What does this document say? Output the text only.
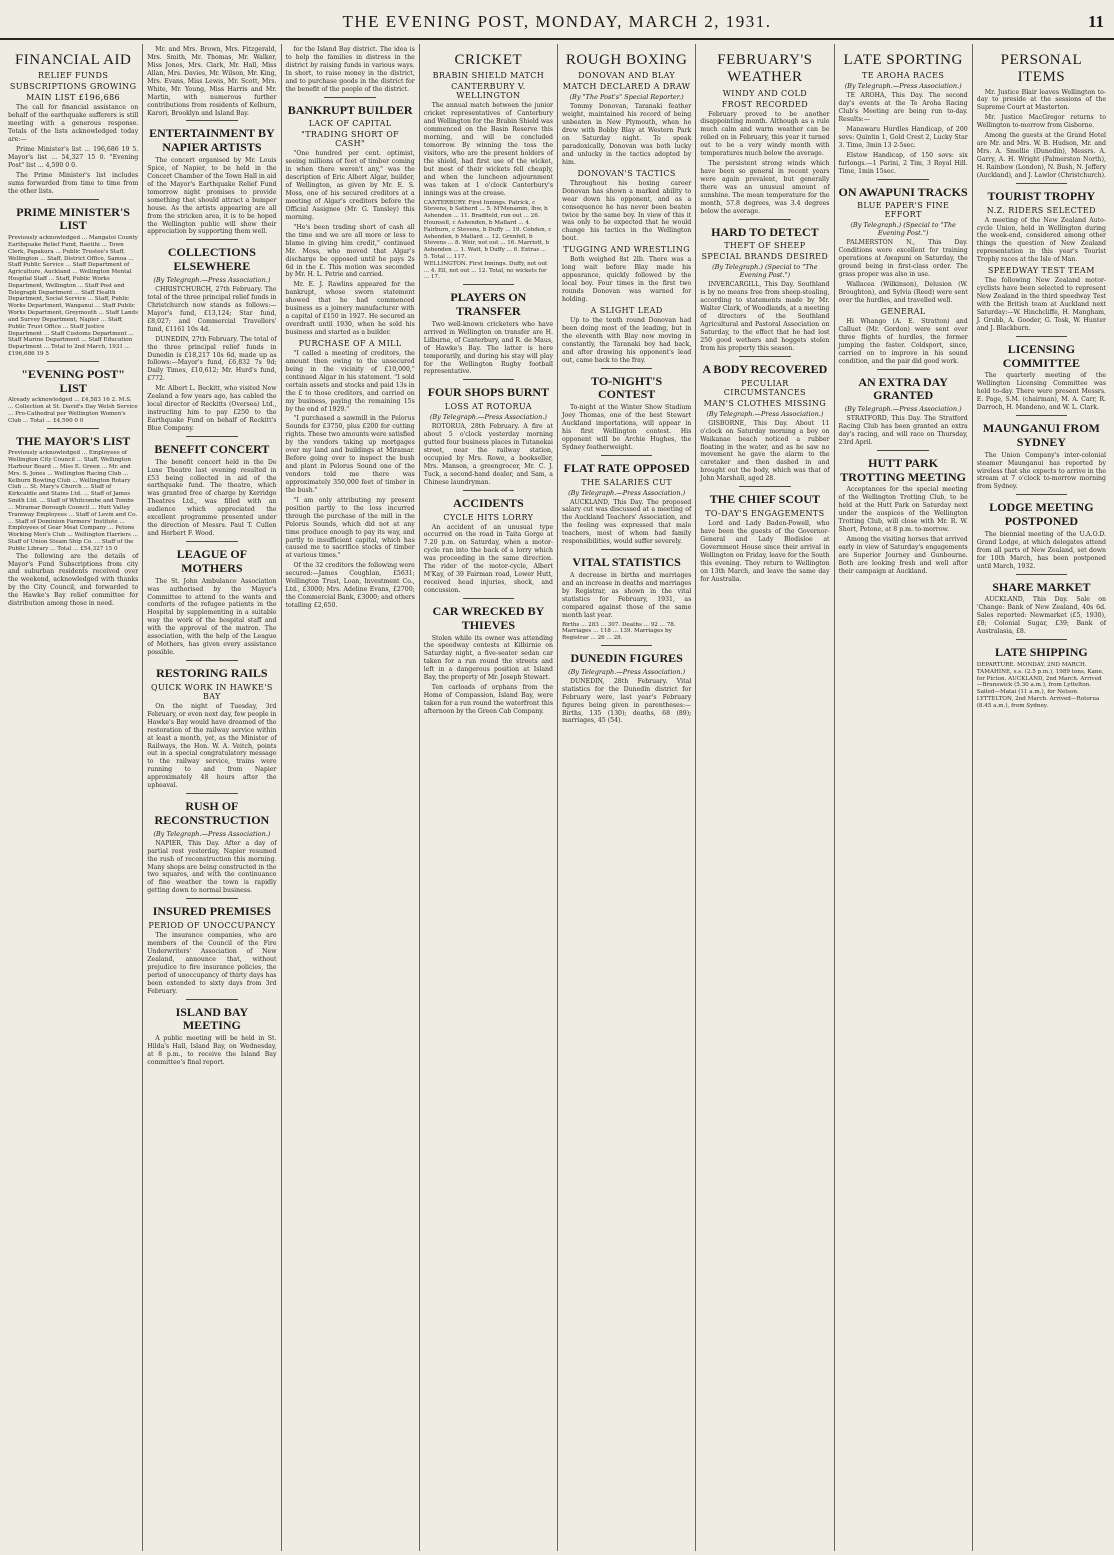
THE EVENING POST, MONDAY, MARCH 2, 1931.	11
FINANCIAL AID
RELIEF FUNDS
SUBSCRIPTIONS GROWING
MAIN LIST £196,686

The call for financial assistance on behalf of the earthquake sufferers is still meeting with a generous response. Totals of the lists acknowledged today are:—

Prime Minister's list ... 196,686 19 5. Mayor's list ... 54,327 15 0. "Evening Post" list ... 4,590 0 0.

The Prime Minister's list includes sums forwarded from time to time from the other lists.

PRIME MINISTER'S LIST
Previously acknowledged ... Mangatoi County Earthquake Relief Fund, Raetihi ... Town Clerk, Papakura ... Public Trustee's Staff, Wellington ... Staff, District Office, Samoa ... Staff Public Service ... Staff Department of Agriculture, Auckland ... Wellington Mental Hospital Staff ... Staff, Public Works Department, Wellington ... Staff Post and Telegraph Department ... Staff Health Department, Social Service ... Staff, Public Works Department, Wanganui ... Staff Public Works Department, Greymouth ... Staff Lands and Survey Department, Napier ... Staff, Public Trust Office ... Staff Justice Department ... Staff Customs Department ... Staff Marine Department ... Staff Education Department ... Total to 2nd March, 1931 ... £196,686 19 5
"EVENING POST" LIST
Already acknowledged ... £4,583 16 2. M.S. ... Collection at St. David's Day Welsh Service ... Pro-Cathedral per Wellington Women's Club ... Total ... £4,590 0 0
THE MAYOR'S LIST
Previously acknowledged ... Employees of Wellington City Council ... Staff, Wellington Harbour Board ... Miss E. Green ... Mr. and Mrs. S. Jones ... Wellington Racing Club ... Kelburn Bowling Club ... Wellington Rotary Club ... St. Mary's Church ... Staff of Kirkcaldie and Stains Ltd. ... Staff of James Smith Ltd. ... Staff of Whitcombe and Tombs ... Miramar Borough Council ... Hutt Valley Tramway Employees ... Staff of Levin and Co. ... Staff of Dominion Farmers' Institute ... Employees of Gear Meat Company ... Petone Working Men's Club ... Wellington Harriers ... Staff of Union Steam Ship Co. ... Staff of the Public Library ... Total ... £54,327 15 0

The following are the details of Mayor's Fund Subscriptions from city and suburban residents received over the weekend, acknowledged with thanks by the City Council, and forwarded to the Hawke's Bay relief committee for distribution among those in need.

Mr. and Mrs. Brown, Mrs. Fitzgerald, Mrs. Smith, Mr. Thomas, Mr. Walker, Miss Jones, Mrs. Clark, Mr. Hall, Miss Allan, Mrs. Davies, Mr. Wilson, Mr. King, Mrs. Evans, Miss Lewis, Mr. Scott, Mrs. White, Mr. Young, Miss Harris and Mr. Martin, with numerous further contributions from residents of Kelburn, Karori, Brooklyn and Island Bay.

ENTERTAINMENT BY NAPIER ARTISTS

The concert organised by Mr. Louis Spice, of Napier, to be held in the Concert Chamber of the Town Hall in aid of the Mayor's Earthquake Relief Fund tomorrow night promises to provide something that should attract a bumper house. As the artists appearing are all from the stricken area, it is to be hoped the Wellington public will show their appreciation by supporting them well.

COLLECTIONS ELSEWHERE
(By Telegraph.—Press Association.)

CHRISTCHURCH, 27th February. The total of the three principal relief funds in Christchurch now stands as follows:—Mayor's fund, £13,124; Star fund, £8,027; and Commercial Travellers' fund, £1161 10s 4d.

DUNEDIN, 27th February. The total of the three principal relief funds in Dunedin is £18,217 10s 6d, made up as follows:—Mayor's fund, £6,832 7s 9d; Daily Times, £10,612; Mr. Hurd's fund, £772.

Mr. Albert L. Beckitt, who visited New Zealand a few years ago, has cabled the local director of Reckitts (Oversea) Ltd., instructing him to pay £250 to the Earthquake Fund on behalf of Reckitt's Blue Company.

BENEFIT CONCERT

The benefit concert held in the De Luxe Theatre last evening resulted in £53 being collected in aid of the earthquake fund. The theatre, which was granted free of charge by Kerridge Theatres Ltd., was filled with an audience which appreciated the excellent programme presented under the direction of Messrs. Paul T. Cullen and Herbert F. Wood.

LEAGUE OF MOTHERS

The St. John Ambulance Association was authorised by the Mayor's Committee to attend to the wants and comforts of the refugee patients in the Hospital by supplementing in a suitable way the work of the hospital staff and with the approval of the matron. The association, with the help of the League of Mothers, has given every assistance possible.

RESTORING RAILS
QUICK WORK IN HAWKE'S BAY

On the night of Tuesday, 3rd February, or even next day, few people in Hawke's Bay would have dreamed of the restoration of the railway service within at least a month, yet, as the Minister of Railways, the Hon. W. A. Veitch, points out in a special congratulatory message to the railway service, trains were running to and from Napier approximately 48 hours after the upheaval.

RUSH OF RECONSTRUCTION
(By Telegraph.—Press Association.)

NAPIER, This Day. After a day of partial rest yesterday, Napier resumed the rush of reconstruction this morning. Many shops are being constructed in the two squares, and with the continuance of fine weather the town is rapidly getting down to normal business.

INSURED PREMISES
PERIOD OF UNOCCUPANCY

The insurance companies, who are members of the Council of the Fire Underwriters' Association of New Zealand, announce that, without prejudice to fire insurance policies, the period of unoccupancy of thirty days has been extended to sixty days from 3rd February.

ISLAND BAY MEETING

A public meeting will be held in St. Hilda's Hall, Island Bay, on Wednesday, at 8 p.m., to receive the Island Bay committee's final report.

for the Island Bay district. The idea is to help the families in distress in the district by raising funds in various ways. In short, to raise money in the district, and to purchase goods in the district for the benefit of the people of the district.

BANKRUPT BUILDER
LACK OF CAPITAL
"TRADING SHORT OF CASH"

"One hundred per cent. optimist, seeing millions of feet of timber coming in when there weren't any," was the description of Eric Albert Algar, builder, of Wellington, as given by Mr. E. S. Moss, one of his secured creditors at a meeting of Algar's creditors before the Official Assignee (Mr. G. Tansley) this morning.

"He's been trading short of cash all the time and we are all more or less to blame in giving him credit," continued Mr. Moss, who moved that Algar's discharge be opposed until he pays 2s 6d in the £. This motion was seconded by Mr. H. L. Petrie and carried.

Mr. E. J. Rawlins appeared for the bankrupt, whose sworn statement showed that he had commenced business as a joinery manufacturer with a capital of £150 in 1927. He secured an overdraft until 1930, when he sold his business and started as a builder.

PURCHASE OF A MILL

"I called a meeting of creditors, the amount then owing to the unsecured being in the vicinity of £10,000," continued Algar in his statement. "I sold certain assets and stocks and paid 13s in the £ to those creditors, and carried on my business, paying the remaining 15s by the end of 1929."

"I purchased a sawmill in the Pelorus Sounds for £3750, plus £200 for cutting rights. These two amounts were satisfied by the vendors taking up mortgages over my land and buildings at Miramar. Before going over to inspect the bush and plant in Pelorus Sound one of the vendors told me there was approximately 350,000 feet of timber in the bush."

"I am only attributing my present position partly to the loss incurred through the purchase of the mill in the Pelorus Sounds, which did not at any time produce enough to pay its way, and partly to insufficient capital, which has caused me to sacrifice stocks of timber at various times."

Of the 32 creditors the following were secured:—James Coughlan, £5631; Wellington Trust, Loan, Investment Co., Ltd., £3000; Mrs. Adeline Evans, £2700; the Commercial Bank, £3000; and others totalling £2,650.

CRICKET
BRABIN SHIELD MATCH
CANTERBURY V. WELLINGTON

The annual match between the junior cricket representatives of Canterbury and Wellington for the Brabin Shield was commenced on the Basin Reserve this morning, and will be concluded tomorrow. By winning the toss the visitors, who are the present holders of the shield, had first use of the wicket, but most of their wickets fell cheaply, and when the luncheon adjournment was taken at 1 o'clock Canterbury's innings was at the crease.

CANTERBURY. First Innings. Patrick, c Stevens, b Satherd ... 5. M'Menamin, lbw, b Ashenden ... 11. Bradfield, run out ... 26. Hounsell, c Ashenden, b Mallard ... 4. Fairburn, c Stevens, b Duffy ... 19. Cobden, c Ashenden, b Mallard ... 12. Grenfell, b Stevens ... 8. Weir, not out ... 16. Marriott, b Ashenden ... 1. Watt, b Duffy ... 6. Extras ... 5. Total ... 117.
WELLINGTON. First Innings. Duffy, not out ... 4. Ell, not out ... 12. Total, no wickets for ... 17.
PLAYERS ON TRANSFER

Two well-known cricketers who have arrived in Wellington on transfer are H. Lilburne, of Canterbury, and R. de Maus, of Hawke's Bay. The latter is here temporarily, and during his stay will play for the Wellington Rugby football representative.

FOUR SHOPS BURNT
LOSS AT ROTORUA
(By Telegraph.—Press Association.)

ROTORUA, 28th February. A fire at about 5 o'clock yesterday morning gutted four business places in Tutanekai street, near the railway station, occupied by Mrs. Rowe, a bookseller, Mrs. Manson, a greengrocer, Mr. C. J. Tuck, a second-hand dealer, and Sam, a Chinese laundryman.

ACCIDENTS
CYCLE HITS LORRY

An accident of an unusual type occurred on the road in Taita Gorge at 7.20 p.m. on Saturday, when a motor-cycle ran into the back of a lorry which was proceeding in the same direction. The rider of the motor-cycle, Albert M'Kay, of 39 Fairman road, Lower Hutt, received head injuries, shock, and concussion.

CAR WRECKED BY THIEVES

Stolen while its owner was attending the speedway contests at Kilbirnie on Saturday night, a five-seater sedan car taken for a run round the streets and left in a dangerous position at Island Bay, the property of Mr. Joseph Stewart.

Ten carloads of orphans from the Home of Compassion, Island Bay, were taken for a run round the waterfront this afternoon by the Green Cab Company.

ROUGH BOXING
DONOVAN AND BLAY
MATCH DECLARED A DRAW
(By "The Post's" Special Reporter.)

Tommy Donovan, Taranaki feather weight, maintained his record of being unbeaten in New Plymouth, when he drew with Bobby Blay at Western Park on Saturday night. To speak paradoxically, Donovan was both lucky and unlucky in the tactics adopted by him.

DONOVAN'S TACTICS

Throughout his boxing career Donovan has shown a marked ability to wear down his opponent, and as a consequence he has never been beaten twice by the same boy. In view of this it was only to be expected that he would change his tactics in the Wellington bout.

TUGGING AND WRESTLING

Both weighed 8st 2lb. There was a long wait before Blay made his appearance, quickly followed by the local boy. Four times in the first two rounds Donovan was warned for holding.

A SLIGHT LEAD

Up to the tenth round Donovan had been doing most of the leading, but in the eleventh with Blay now moving in constantly, the Taranaki boy had back, and after drawing his opponent's lead out, came back to the fray.

TO-NIGHT'S CONTEST

To-night at the Winter Show Stadium Joey Thomas, one of the best Stewart Auckland importations, will appear in his first Wellington contest. His opponent will be Archie Hughes, the Sydney featherweight.

FLAT RATE OPPOSED
THE SALARIES CUT
(By Telegraph.—Press Association.)

AUCKLAND, This Day. The proposed salary cut was discussed at a meeting of the Auckland Teachers' Association, and the feeling was expressed that male teachers, most of whom had family responsibilities, would suffer severely.

VITAL STATISTICS

A decrease in births and marriages and an increase in deaths and marriages by Registrar, as shown in the vital statistics for February, 1931, as compared against those of the same month last year.

Births ... 283 ... 307. Deaths ... 92 ... 78. Marriages ... 118 ... 139. Marriages by Registrar ... 26 ... 28.
DUNEDIN FIGURES
(By Telegraph.—Press Association.)

DUNEDIN, 28th February. Vital statistics for the Dunedin district for February were, last year's February figures being given in parentheses:—Births, 135 (130); deaths, 68 (89); marriages, 45 (54).

FEBRUARY'S WEATHER
WINDY AND COLD
FROST RECORDED

February proved to be another disappointing month. Although as a rule much calm and warm weather can be relied on in February, this year it turned out to be a very windy month with temperatures much below the average.

The persistent strong winds which have been so general in recent years were again prevalent, but generally there was an unusual amount of sunshine. The mean temperature for the month, 57.8 degrees, was 3.4 degrees below the average.

HARD TO DETECT
THEFT OF SHEEP
SPECIAL BRANDS DESIRED
(By Telegraph.) (Special to "The Evening Post.")

INVERCARGILL, This Day. Southland is by no means free from sheep-stealing, according to statements made by Mr. Walter Clark, of Woodlands, at a meeting of directors of the Southland Agricultural and Pastoral Association on Saturday, to the effect that he had lost 250 good wethers and hoggets stolen from his property this season.

A BODY RECOVERED
PECULIAR CIRCUMSTANCES
MAN'S CLOTHES MISSING
(By Telegraph.—Press Association.)

GISBORNE, This Day. About 11 o'clock on Saturday morning a boy on Waikanae beach noticed a rubber floating in the water, and as he saw no movement he gave the alarm to the caretaker and then dashed in and brought out the body, which was that of John Marshall, aged 28.

THE CHIEF SCOUT
TO-DAY'S ENGAGEMENTS

Lord and Lady Baden-Powell, who have been the guests of the Governor-General and Lady Bledisloe at Government House since their arrival in Wellington on Friday, leave for the South this evening. They return to Wellington on 13th March, and leave the same day for Australia.

LATE SPORTING
TE AROHA RACES
(By Telegraph.—Press Association.)

TE AROHA, This Day. The second day's events at the Te Aroha Racing Club's Meeting are being run to-day. Results:—

Manawaru Hurdles Handicap, of 200 sovs: Quintin 1, Gold Crest 2, Lucky Star 3. Time, 3min 13 2-5sec.

Elstow Handicap, of 150 sovs: six furlongs.—1 Parini, 2 Tim, 3 Royal Hill. Time, 1min 15sec.

ON AWAPUNI TRACKS
BLUE PAPER'S FINE EFFORT
(By Telegraph.) (Special to "The Evening Post.")

PALMERSTON N., This Day. Conditions were excellent for training operations at Awapuni on Saturday, the ground being in first-class order. The grass proper was also in use.

Wallacea (Wilkinson), Delusion (W. Broughton), and Sylvia (Reed) were sent over the hurdles, and travelled well.

GENERAL

Hi Whango (A. E. Stratton) and Calluet (Mr. Gordon) were sent over three flights of hurdles, the former jumping the faster. Coldsport, since, carried on to improve in his sound condition, and the pair did good work.

AN EXTRA DAY GRANTED
(By Telegraph.—Press Association.)

STRATFORD, This Day. The Stratford Racing Club has been granted an extra day's racing, and will race on Thursday, 23rd April.

HUTT PARK TROTTING MEETING

Acceptances for the special meeting of the Wellington Trotting Club, to be held at the Hutt Park on Saturday next under the auspices of the Wellington Trotting Club, will close with Mr. R. W. Short, Petone, at 8 p.m. to-morrow.

Among the visiting horses that arrived early in view of Saturday's engagements are Superior Journey and Gunbourne. Both are looking fresh and well after their campaign at Auckland.

PERSONAL ITEMS

Mr. Justice Blair leaves Wellington to-day to preside at the sessions of the Supreme Court at Masterton.

Mr. Justice MacGregor returns to Wellington to-morrow from Gisborne.

Among the guests at the Grand Hotel are Mr. and Mrs. W. B. Hudson, Mr. and Mrs. A. Smellie (Dunedin), Messrs. A. Garry, A. H. Wright (Palmerston North), H. Rainbow (London), N. Bush, N. Jeffery (Auckland), and J. Lawlor (Christchurch).

TOURIST TROPHY
N.Z. RIDERS SELECTED

A meeting of the New Zealand Auto-cycle Union, held in Wellington during the week-end, considered among other things the question of New Zealand representation in this year's Tourist Trophy races at the Isle of Man.

SPEEDWAY TEST TEAM

The following New Zealand motor-cyclists have been selected to represent New Zealand in the third speedway Test with the British team at Auckland next Saturday:—W. Hinchcliffe, H. Mangham, J. Grubb, A. Gooder, G. Tosk, W. Hunter and J. Blackburn.

LICENSING COMMITTEE

The quarterly meeting of the Wellington Licensing Committee was held to-day. There were present Messrs. E. Page, S.M. (chairman), M. A. Carr, R. Darroch, H. Mandeno, and W. L. Clark.

MAUNGANUI FROM SYDNEY

The Union Company's inter-colonial steamer Maunganui has reported by wireless that she expects to arrive in the stream at 7 o'clock to-morrow morning from Sydney.

LODGE MEETING POSTPONED

The biennial meeting of the U.A.O.D. Grand Lodge, at which delegates attend from all parts of New Zealand, set down for 10th March, has been postponed until March, 1932.

SHARE MARKET

AUCKLAND, This Day. Sale on 'Change: Bank of New Zealand, 40s 6d. Sales reported: Newmarket (£5, 1930), £8; Colonial Sugar, £39; Bank of Australasia, £8.

LATE SHIPPING
DEPARTURE. MONDAY, 2ND MARCH. TAMAHINE, s.s. (2.5 p.m.), 1989 tons, Kane, for Picton. AUCKLAND, 2nd March. Arrived—Brunswick (5.30 a.m.), from Lyttelton. Sailed—Matai (11 a.m.), for Nelson. LYTTELTON, 2nd March. Arrived—Rotorua (8.45 a.m.), from Sydney.
